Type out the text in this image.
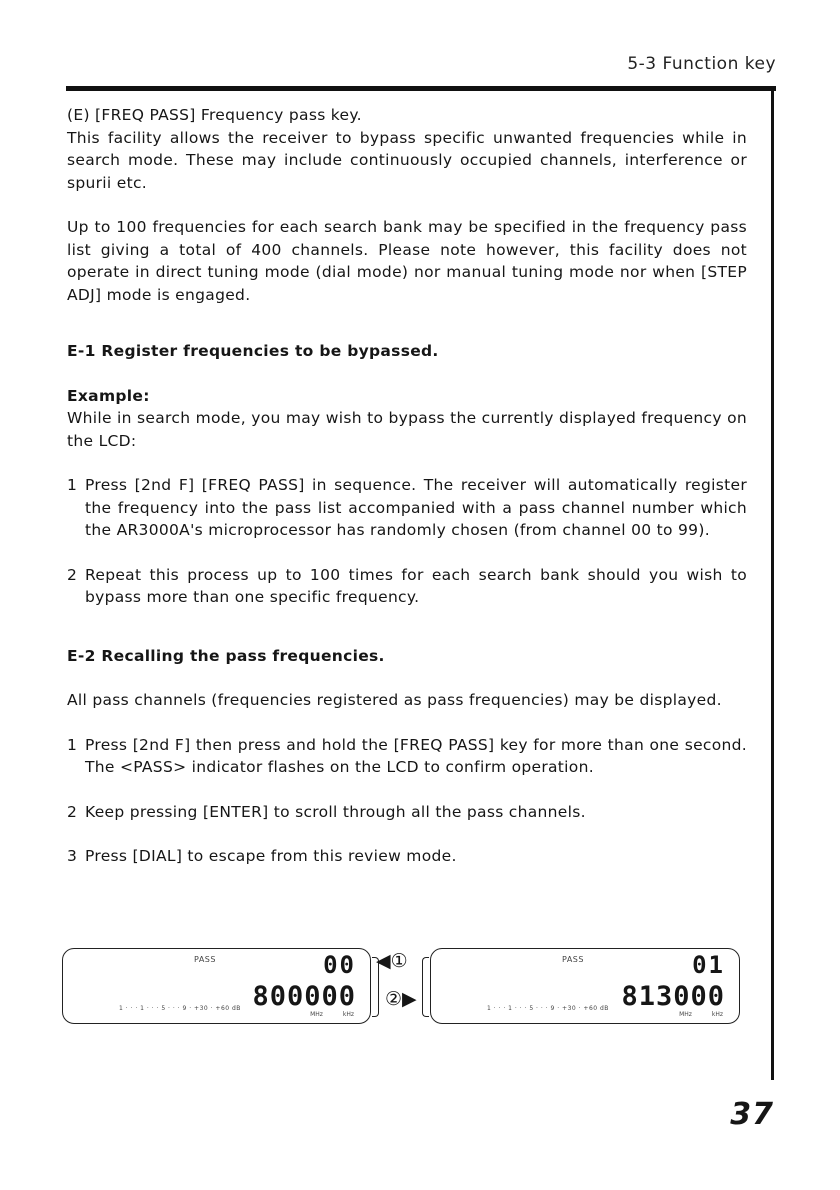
5-3 Function key

(E) [FREQ PASS] Frequency pass key.

This facility allows the receiver to bypass specific unwanted frequencies while in search mode. These may include continuously occupied channels, interference or spurii etc.

Up to 100 frequencies for each search bank may be specified in the frequency pass list giving a total of 400 channels. Please note however, this facility does not operate in direct tuning mode (dial mode) nor manual tuning mode nor when [STEP ADJ] mode is engaged.

E-1 Register frequencies to be bypassed.

Example:

While in search mode, you may wish to bypass the currently displayed frequency on the LCD:

1 Press [2nd F] [FREQ PASS] in sequence. The receiver will automatically register the frequency into the pass list accompanied with a pass channel number which the AR3000A's microprocessor has randomly chosen (from channel 00 to 99).
2 Repeat this process up to 100 times for each search bank should you wish to bypass more than one specific frequency.

E-2 Recalling the pass frequencies.

All pass channels (frequencies registered as pass frequencies) may be displayed.

1 Press [2nd F] then press and hold the [FREQ PASS] key for more than one second. The <PASS> indicator flashes on the LCD to confirm operation.
2 Keep pressing [ENTER] to scroll through all the pass channels.
3 Press [DIAL] to escape from this review mode.
PASS	00
800000
1 · · · 1 · · · 5 · · · 9 · +30 · +60 dB
MHz kHz
◀①
②▶
PASS	01
813000
1 · · · 1 · · · 5 · · · 9 · +30 · +60 dB
MHz kHz
37
